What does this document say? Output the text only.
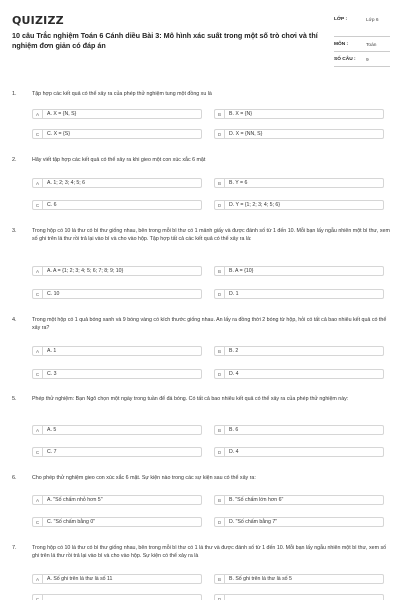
QUIZIZZ
10 câu Trắc nghiệm Toán 6 Cánh diều Bài 3: Mô hình xác suất trong một số trò chơi và thí nghiệm đơn giản có đáp án
LỚP :	Lớp 6
MÔN :	Toán
SỐ CÂU : 9
1.	Tập hợp các kết quả có thể xảy ra của phép thử nghiệm tung một đồng xu là
A	A. X = {N, S}	B	B. X = {N}
C	C. X = {S}	D	D. X = {NN, S}
2.	Hãy viết tập hợp các kết quả có thể xảy ra khi gieo một con xúc xắc 6 mặt
A	A. 1; 2; 3; 4; 5; 6	B	B. Y = 6
C	C. 6	D	D. Y = {1; 2; 3; 4; 5; 6}
3.	Trong hộp có 10 lá thư có bì thư giống nhau, bên trong mỗi bì thư có 1 mảnh giấy và được đánh số từ 1 đến 10. Mỗi bạn lấy ngẫu nhiên một bì thư, xem số ghi trên lá thư rồi trả lại vào bì và cho vào hộp. Tập hợp tất cả các kết quả có thể xảy ra là:
A	A. A = {1; 2; 3; 4; 5; 6; 7; 8; 9; 10}	B	B. A = {10}
C	C. 10	D	D. 1
4.	Trong một hộp có 1 quả bóng xanh và 9 bóng vàng có kích thước giống nhau. An lấy ra đồng thời 2 bóng từ hộp, hỏi có tất cả bao nhiêu kết quả có thể xảy ra?
A	A. 1	B	B. 2
C	C. 3	D	D. 4
5.	Phép thử nghiệm: Bạn Ngô chọn một ngày trong tuần để đá bóng. Có tất cả bao nhiêu kết quả có thể xảy ra của phép thử nghiệm này:
A	A. 5	B	B. 6
C	C. 7	D	D. 4
6.	Cho phép thử nghiệm gieo con xúc xắc 6 mặt. Sự kiện nào trong các sự kiện sau có thể xảy ra:
A	A. "Số chấm nhỏ hơn 5"	B	B. "Số chấm lớn hơn 6"
C	C. "Số chấm bằng 0"	D	D. "Số chấm bằng 7"
7.	Trong hộp có 10 lá thư có bì thư giống nhau, bên trong mỗi bì thư có 1 lá thư và được đánh số từ 1 đến 10. Mỗi bạn lấy ngẫu nhiên một bì thư, xem số ghi trên lá thư rồi trả lại vào bì và cho vào hộp. Sự kiện có thể xảy ra là
A	A. Số ghi trên lá thư là số 11	B	B. Số ghi trên lá thư là số 5
C	D
